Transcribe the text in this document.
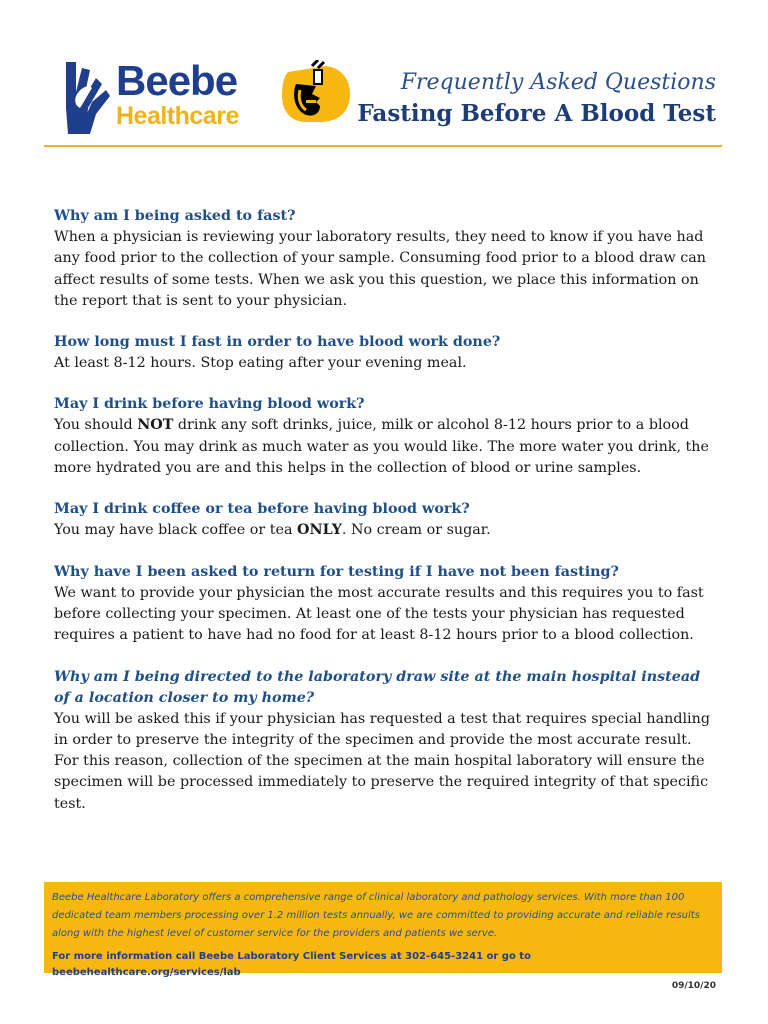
Beebe
Healthcare
Frequently Asked Questions
Fasting Before A Blood Test

Why am I being asked to fast?

When a physician is reviewing your laboratory results, they need to know if you have had any food prior to the collection of your sample. Consuming food prior to a blood draw can affect results of some tests. When we ask you this question, we place this information on the report that is sent to your physician.

How long must I fast in order to have blood work done?

At least 8-12 hours. Stop eating after your evening meal.

May I drink before having blood work?

You should NOT drink any soft drinks, juice, milk or alcohol 8-12 hours prior to a blood collection. You may drink as much water as you would like. The more water you drink, the more hydrated you are and this helps in the collection of blood or urine samples.

May I drink coffee or tea before having blood work?

You may have black coffee or tea ONLY. No cream or sugar.

Why have I been asked to return for testing if I have not been fasting?

We want to provide your physician the most accurate results and this requires you to fast before collecting your specimen. At least one of the tests your physician has requested requires a patient to have had no food for at least 8-12 hours prior to a blood collection.

Why am I being directed to the laboratory draw site at the main hospital instead of a location closer to my home?

You will be asked this if your physician has requested a test that requires special handling in order to preserve the integrity of the specimen and provide the most accurate result. For this reason, collection of the specimen at the main hospital laboratory will ensure the specimen will be processed immediately to preserve the required integrity of that specific test.

Beebe Healthcare Laboratory offers a comprehensive range of clinical laboratory and pathology services. With more than 100 dedicated team members processing over 1.2 million tests annually, we are committed to providing accurate and reliable results along with the highest level of customer service for the providers and patients we serve.

For more information call Beebe Laboratory Client Services at 302-645-3241 or go to beebehealthcare.org/services/lab

09/10/20
